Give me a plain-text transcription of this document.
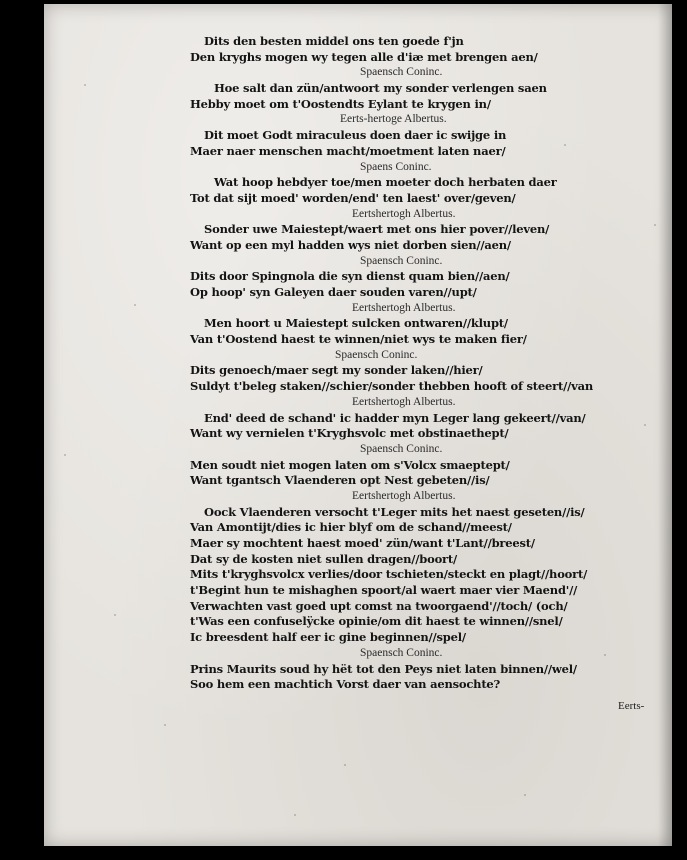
Dits den besten middel ons ten goede f'jn
Den kryghs mogen wy tegen alle d'iæ met brengen aen/
Spaensch Coninc.
Hoe salt dan zün/antwoort my sonder verlengen saen
Hebby moet om t'Oostendts Eylant te krygen in/
Eerts-hertoge Albertus.
Dit moet Godt miraculeus doen daer ic swijge in
Maer naer menschen macht/moetment laten naer/
Spaens Coninc.
Wat hoop hebdyer toe/men moeter doch herbaten daer
Tot dat sijt moed' worden/end' ten laest' over/geven/
Eertshertogh Albertus.
Sonder uwe Maiestept/waert met ons hier pover//leven/
Want op een myl hadden wys niet dorben sien//aen/
Spaensch Coninc.
Dits door Spingnola die syn dienst quam bien//aen/
Op hoop' syn Galeyen daer souden varen//upt/
Eertshertogh Albertus.
Men hoort u Maiestept sulcken ontwaren//klupt/
Van t'Oostend haest te winnen/niet wys te maken fier/
Spaensch Coninc.
Dits genoech/maer segt my sonder laken//hier/
Suldyt t'beleg staken//schier/sonder thebben hooft of steert//van
Eertshertogh Albertus.
End' deed de schand' ic hadder myn Leger lang gekeert//van/
Want wy vernielen t'Kryghsvolc met obstinaethept/
Spaensch Coninc.
Men soudt niet mogen laten om s'Volcx smaeptept/
Want tgantsch Vlaenderen opt Nest gebeten//is/
Eertshertogh Albertus.
Oock Vlaenderen versocht t'Leger mits het naest geseten//is/
Van Amontijt/dies ic hier blyf om de schand//meest/
Maer sy mochtent haest moed' zün/want t'Lant//breest/
Dat sy de kosten niet sullen dragen//boort/
Mits t'kryghsvolcx verlies/door tschieten/steckt en plagt//hoort/
t'Begint hun te mishaghen spoort/al waert maer vier Maend'//
Verwachten vast goed upt comst na twoorgaend'//toch/ (och/
t'Was een confuselÿcke opinie/om dit haest te winnen//snel/
Ic breesdent half eer ic gine beginnen//spel/
Spaensch Coninc.
Prins Maurits soud hy hët tot den Peys niet laten binnen//wel/
Soo hem een machtich Vorst daer van aensochte?
Eerts-
